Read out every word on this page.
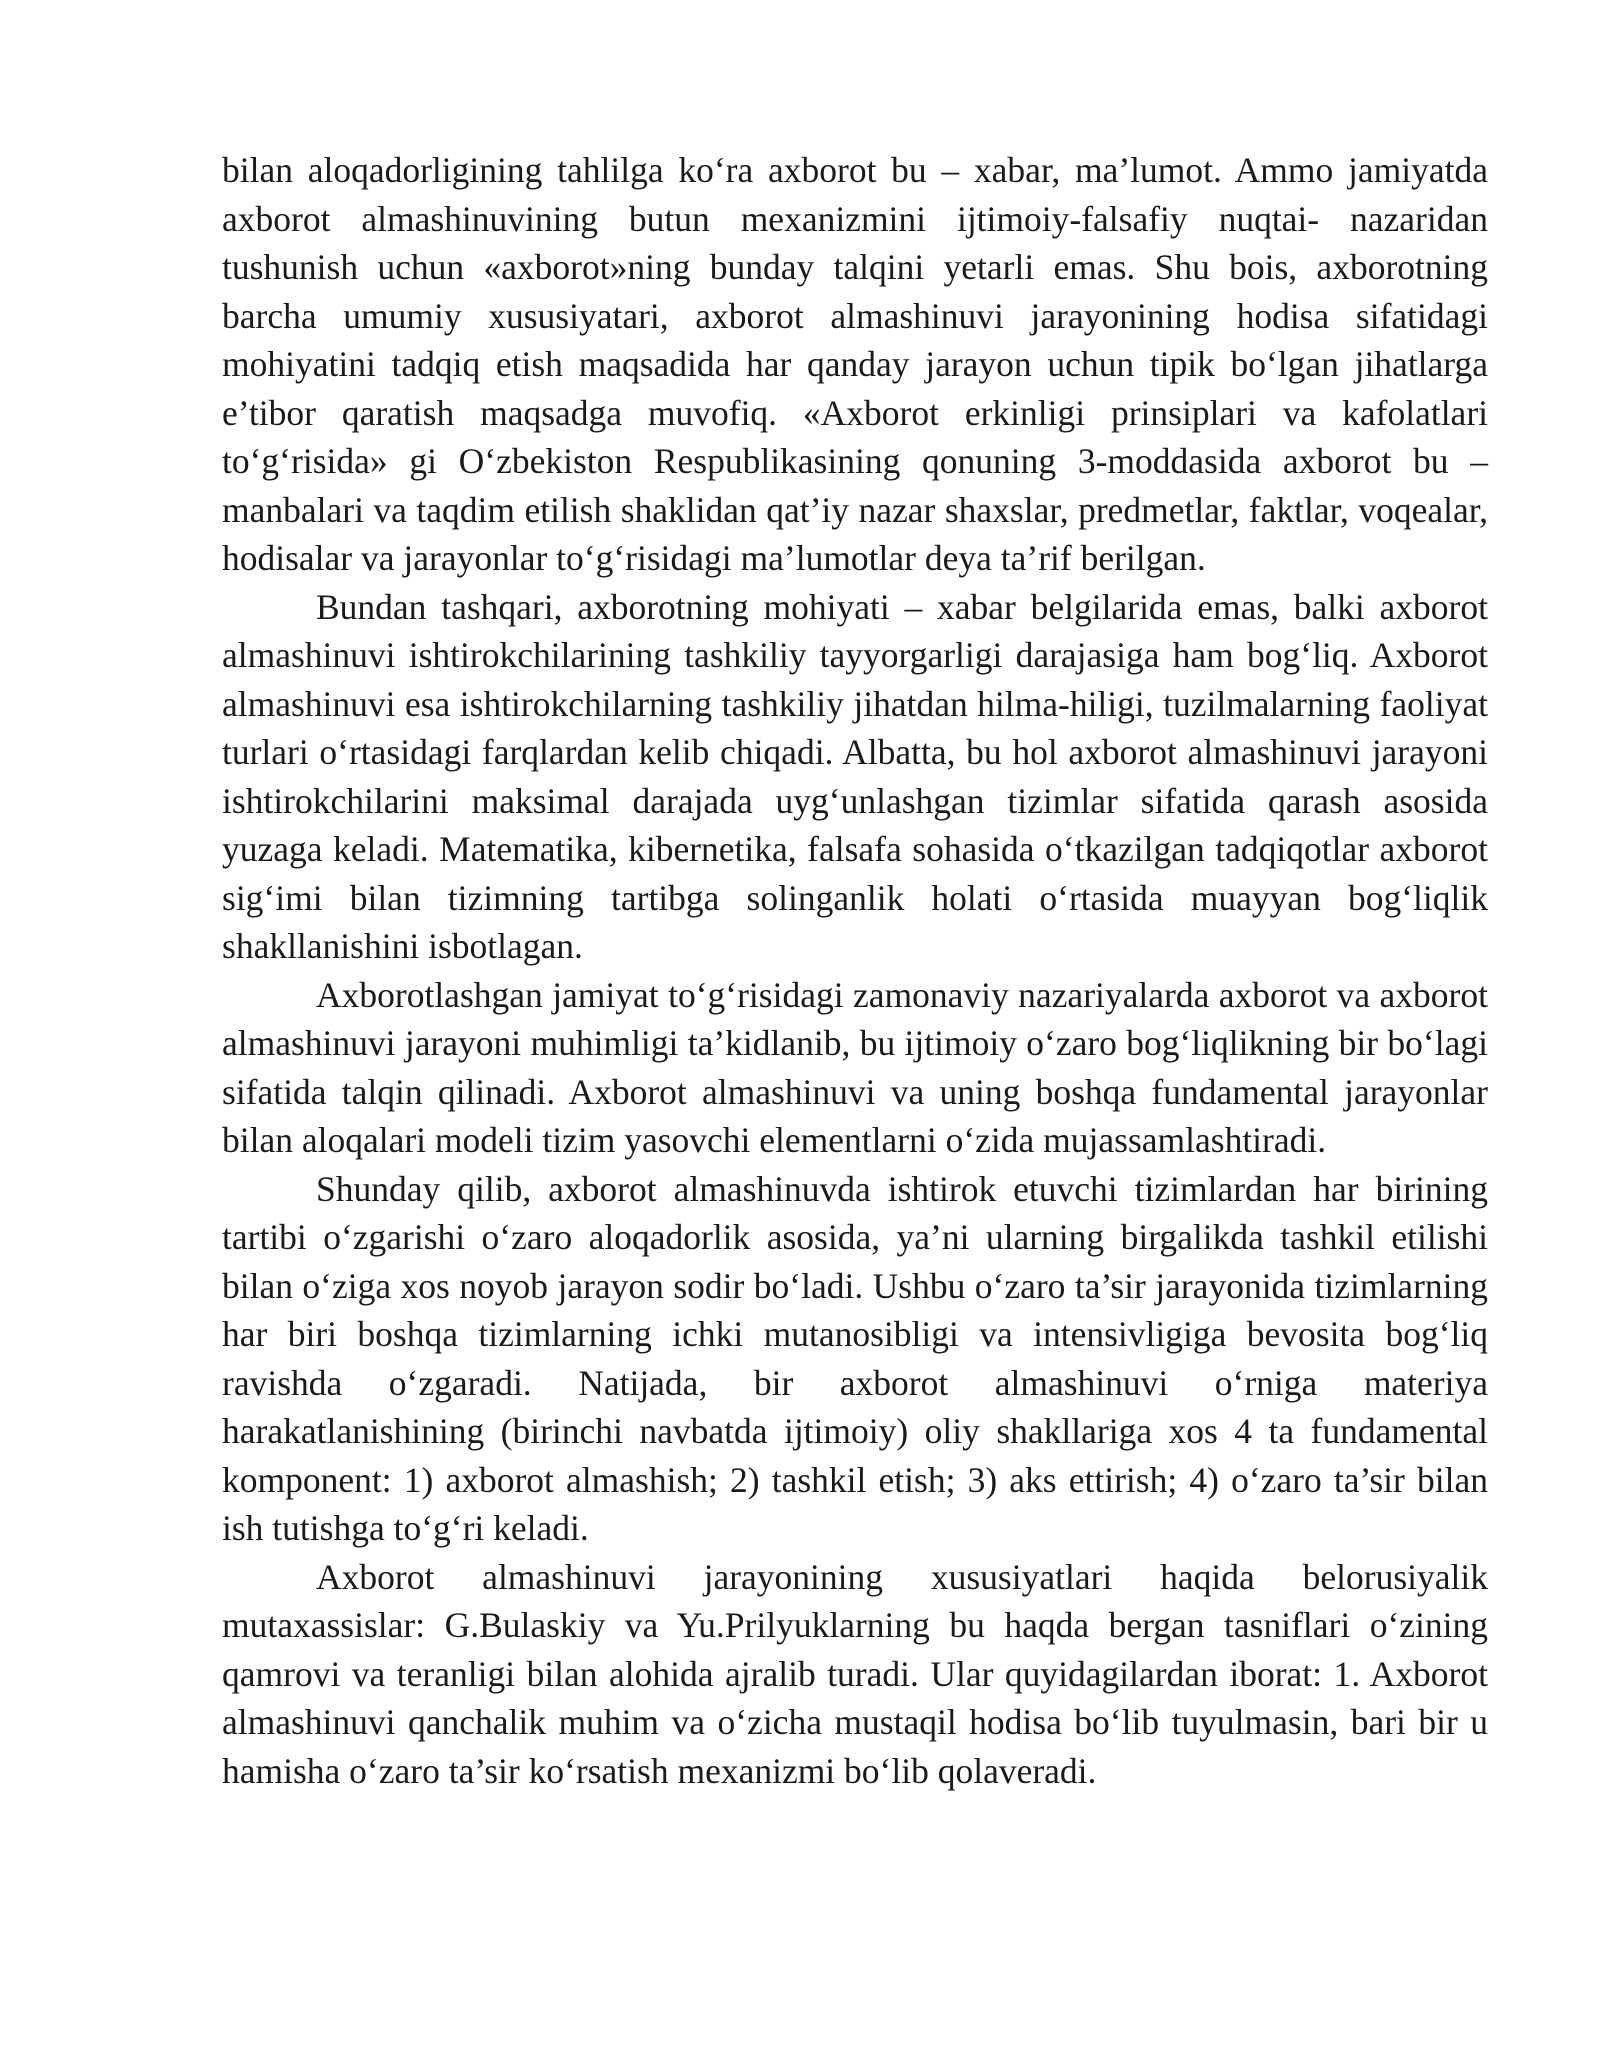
bilan aloqadorligining tahlilga ko‘ra axborot bu – xabar, ma’lumot. Ammo jamiyatda axborot almashinuvining butun mexanizmini ijtimoiy-falsafiy nuqtai- nazaridan tushunish uchun «axborot»ning bunday talqini yetarli emas. Shu bois, axborotning barcha umumiy xususiyatari, axborot almashinuvi jarayonining hodisa sifatidagi mohiyatini tadqiq etish maqsadida har qanday jarayon uchun tipik bo‘lgan jihatlarga e’tibor qaratish maqsadga muvofiq. «Axborot erkinligi prinsiplari va kafolatlari to‘g‘risida» gi O‘zbekiston Respublikasining qonuning 3-moddasida axborot bu – manbalari va taqdim etilish shaklidan qat’iy nazar shaxslar, predmetlar, faktlar, voqealar, hodisalar va jarayonlar to‘g‘risidagi ma’lumotlar deya ta’rif berilgan.

Bundan tashqari, axborotning mohiyati – xabar belgilarida emas, balki axborot almashinuvi ishtirokchilarining tashkiliy tayyorgarligi darajasiga ham bog‘liq. Axborot almashinuvi esa ishtirokchilarning tashkiliy jihatdan hilma-hiligi, tuzilmalarning faoliyat turlari o‘rtasidagi farqlardan kelib chiqadi. Albatta, bu hol axborot almashinuvi jarayoni ishtirokchilarini maksimal darajada uyg‘unlashgan tizimlar sifatida qarash asosida yuzaga keladi. Matematika, kibernetika, falsafa sohasida o‘tkazilgan tadqiqotlar axborot sig‘imi bilan tizimning tartibga solinganlik holati o‘rtasida muayyan bog‘liqlik shakllanishini isbotlagan.

Axborotlashgan jamiyat to‘g‘risidagi zamonaviy nazariyalarda axborot va axborot almashinuvi jarayoni muhimligi ta’kidlanib, bu ijtimoiy o‘zaro bog‘liqlikning bir bo‘lagi sifatida talqin qilinadi. Axborot almashinuvi va uning boshqa fundamental jarayonlar bilan aloqalari modeli tizim yasovchi elementlarni o‘zida mujassamlashtiradi.

Shunday qilib, axborot almashinuvda ishtirok etuvchi tizimlardan har birining tartibi o‘zgarishi o‘zaro aloqadorlik asosida, ya’ni ularning birgalikda tashkil etilishi bilan o‘ziga xos noyob jarayon sodir bo‘ladi. Ushbu o‘zaro ta’sir jarayonida tizimlarning har biri boshqa tizimlarning ichki mutanosibligi va intensivligiga bevosita bog‘liq ravishda o‘zgaradi. Natijada, bir axborot almashinuvi o‘rniga materiya harakatlanishining (birinchi navbatda ijtimoiy) oliy shakllariga xos 4 ta fundamental komponent: 1) axborot almashish; 2) tashkil etish; 3) aks ettirish; 4) o‘zaro ta’sir bilan ish tutishga to‘g‘ri keladi.

Axborot almashinuvi jarayonining xususiyatlari haqida belorusiyalik mutaxassislar: G.Bulaskiy va Yu.Prilyuklarning bu haqda bergan tasniflari o‘zining qamrovi va teranligi bilan alohida ajralib turadi. Ular quyidagilardan iborat: 1. Axborot almashinuvi qanchalik muhim va o‘zicha mustaqil hodisa bo‘lib tuyulmasin, bari bir u hamisha o‘zaro ta’sir ko‘rsatish mexanizmi bo‘lib qolaveradi.
